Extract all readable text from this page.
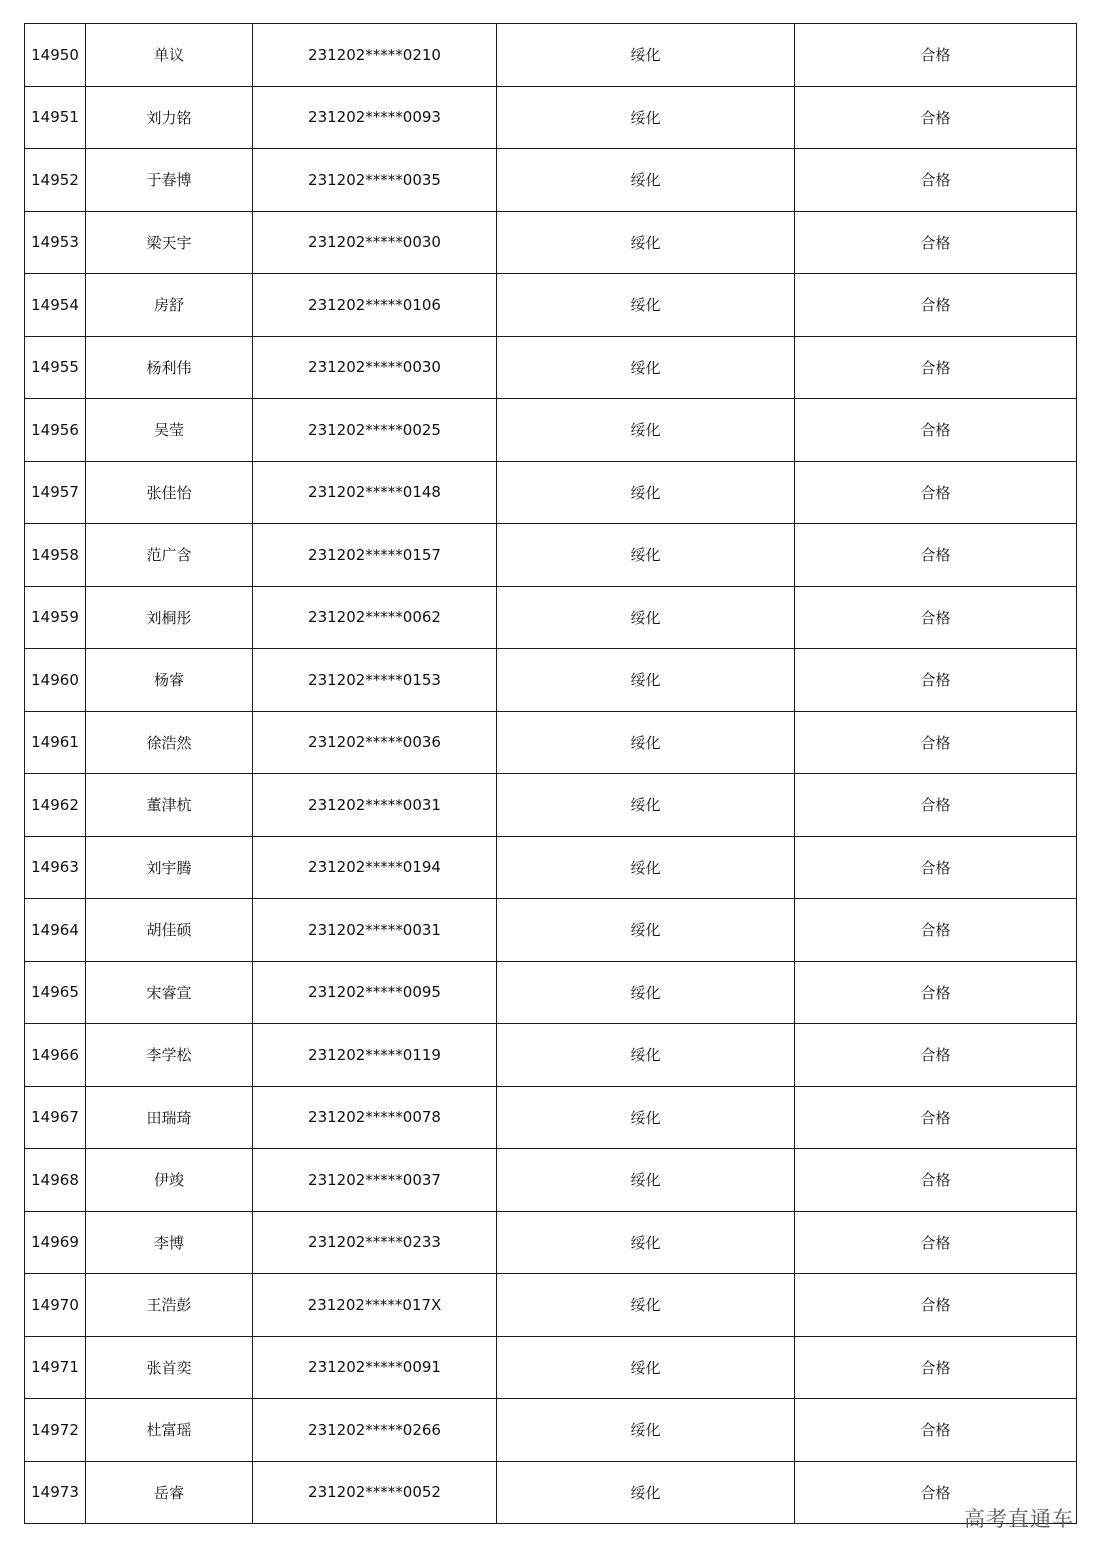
14950	单议	231202*****0210	绥化	合格
14951	刘力铭	231202*****0093	绥化	合格
14952	于春博	231202*****0035	绥化	合格
14953	梁天宇	231202*****0030	绥化	合格
14954	房舒	231202*****0106	绥化	合格
14955	杨利伟	231202*****0030	绥化	合格
14956	吴莹	231202*****0025	绥化	合格
14957	张佳怡	231202*****0148	绥化	合格
14958	范广含	231202*****0157	绥化	合格
14959	刘桐彤	231202*****0062	绥化	合格
14960	杨睿	231202*****0153	绥化	合格
14961	徐浩然	231202*****0036	绥化	合格
14962	董津杭	231202*****0031	绥化	合格
14963	刘宇腾	231202*****0194	绥化	合格
14964	胡佳硕	231202*****0031	绥化	合格
14965	宋睿宣	231202*****0095	绥化	合格
14966	李学松	231202*****0119	绥化	合格
14967	田瑞琦	231202*****0078	绥化	合格
14968	伊竣	231202*****0037	绥化	合格
14969	李博	231202*****0233	绥化	合格
14970	王浩彭	231202*****017X	绥化	合格
14971	张首奕	231202*****0091	绥化	合格
14972	杜富瑶	231202*****0266	绥化	合格
14973	岳睿	231202*****0052	绥化	合格
高考直通车
